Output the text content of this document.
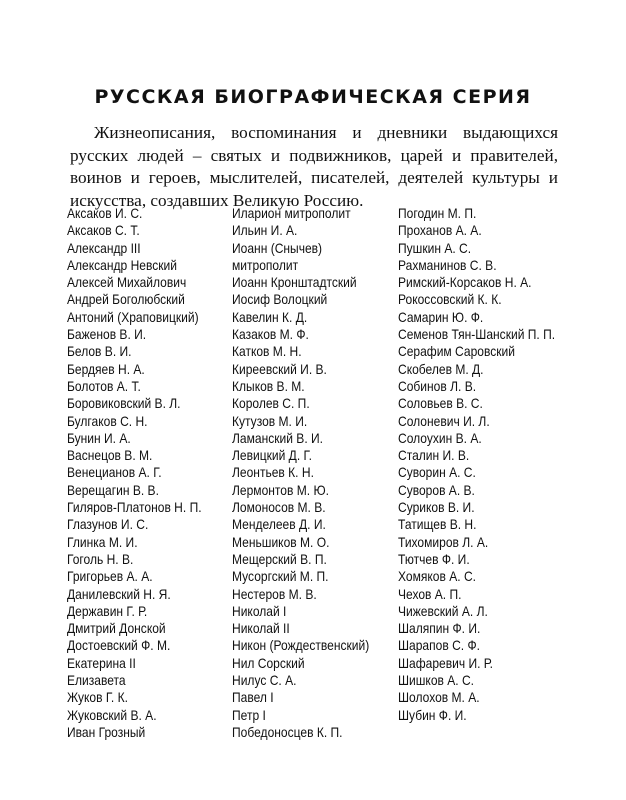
РУССКАЯ БИОГРАФИЧЕСКАЯ СЕРИЯ

Жизнеописания, воспоминания и дневники выдающихся русских людей – святых и подвижников, царей и правителей, воинов и героев, мыслителей, писателей, деятелей культуры и искусства, создавших Великую Россию.

Аксаков И. С.
Аксаков С. Т.
Александр III
Александр Невский
Алексей Михайлович
Андрей Боголюбский
Антоний (Храповицкий)
Баженов В. И.
Белов В. И.
Бердяев Н. А.
Болотов А. Т.
Боровиковский В. Л.
Булгаков С. Н.
Бунин И. А.
Васнецов В. М.
Венецианов А. Г.
Верещагин В. В.
Гиляров-Платонов Н. П.
Глазунов И. С.
Глинка М. И.
Гоголь Н. В.
Григорьев А. А.
Данилевский Н. Я.
Державин Г. Р.
Дмитрий Донской
Достоевский Ф. М.
Екатерина II
Елизавета
Жуков Г. К.
Жуковский В. А.
Иван Грозный
Иларион митрополит
Ильин И. А.
Иоанн (Снычев)
митрополит
Иоанн Кронштадтский
Иосиф Волоцкий
Кавелин К. Д.
Казаков М. Ф.
Катков М. Н.
Киреевский И. В.
Клыков В. М.
Королев С. П.
Кутузов М. И.
Ламанский В. И.
Левицкий Д. Г.
Леонтьев К. Н.
Лермонтов М. Ю.
Ломоносов М. В.
Менделеев Д. И.
Меньшиков М. О.
Мещерский В. П.
Мусоргский М. П.
Нестеров М. В.
Николай I
Николай II
Никон (Рождественский)
Нил Сорский
Нилус С. А.
Павел I
Петр I
Победоносцев К. П.
Погодин М. П.
Проханов А. А.
Пушкин А. С.
Рахманинов С. В.
Римский-Корсаков Н. А.
Рокоссовский К. К.
Самарин Ю. Ф.
Семенов Тян-Шанский П. П.
Серафим Саровский
Скобелев М. Д.
Собинов Л. В.
Соловьев В. С.
Солоневич И. Л.
Солоухин В. А.
Сталин И. В.
Суворин А. С.
Суворов А. В.
Суриков В. И.
Татищев В. Н.
Тихомиров Л. А.
Тютчев Ф. И.
Хомяков А. С.
Чехов А. П.
Чижевский А. Л.
Шаляпин Ф. И.
Шарапов С. Ф.
Шафаревич И. Р.
Шишков А. С.
Шолохов М. А.
Шубин Ф. И.
